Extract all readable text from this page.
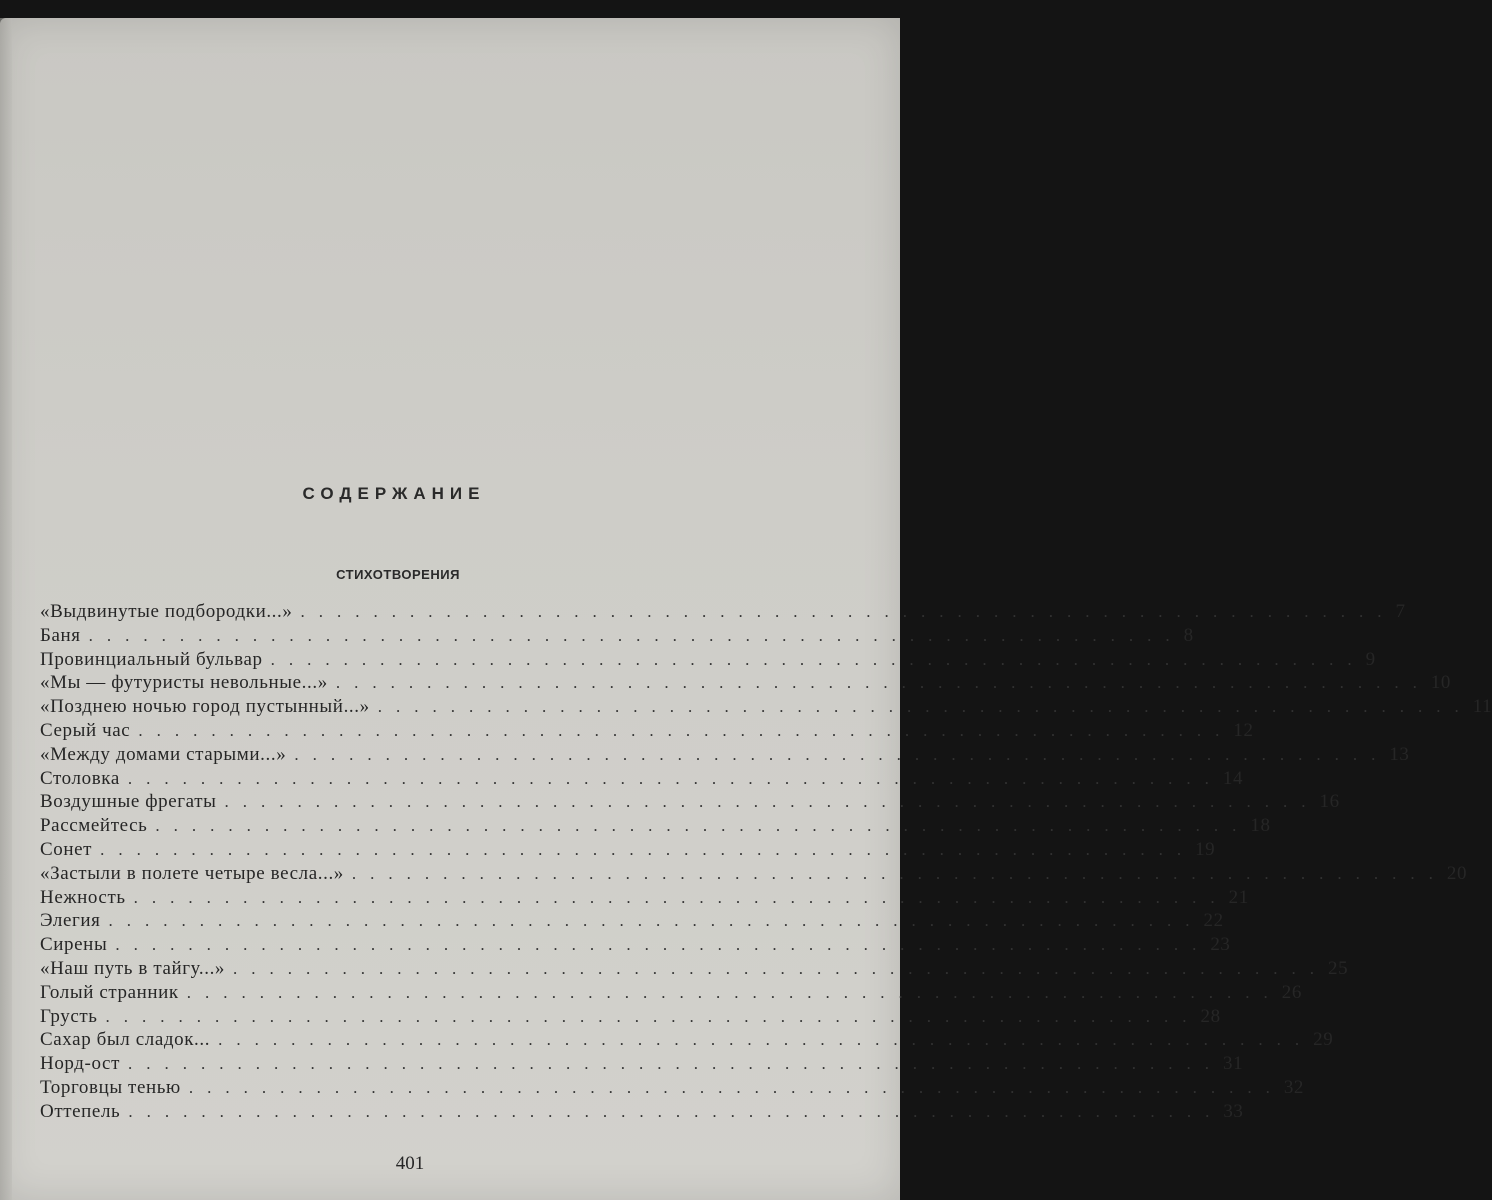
СОДЕРЖАНИЕ
СТИХОТВОРЕНИЯ
«Выдвинутые подбородки...» ............................................................ 7
Баня ............................................................ 8
Провинциальный бульвар ............................................................ 9
«Мы — футуристы невольные...» ............................................................ 10
«Позднею ночью город пустынный...» ............................................................ 11
Серый час ............................................................ 12
«Между домами старыми...» ............................................................ 13
Столовка ............................................................ 14
Воздушные фрегаты ............................................................ 16
Рассмейтесь ............................................................ 18
Сонет ............................................................ 19
«Застыли в полете четыре весла...» ............................................................ 20
Нежность ............................................................ 21
Элегия ............................................................ 22
Сирены ............................................................ 23
«Наш путь в тайгу...» ............................................................ 25
Голый странник ............................................................ 26
Грусть ............................................................ 28
Сахар был сладок... ............................................................ 29
Норд-ост ............................................................ 31
Торговцы тенью ............................................................ 32
Оттепель ............................................................ 33
401
